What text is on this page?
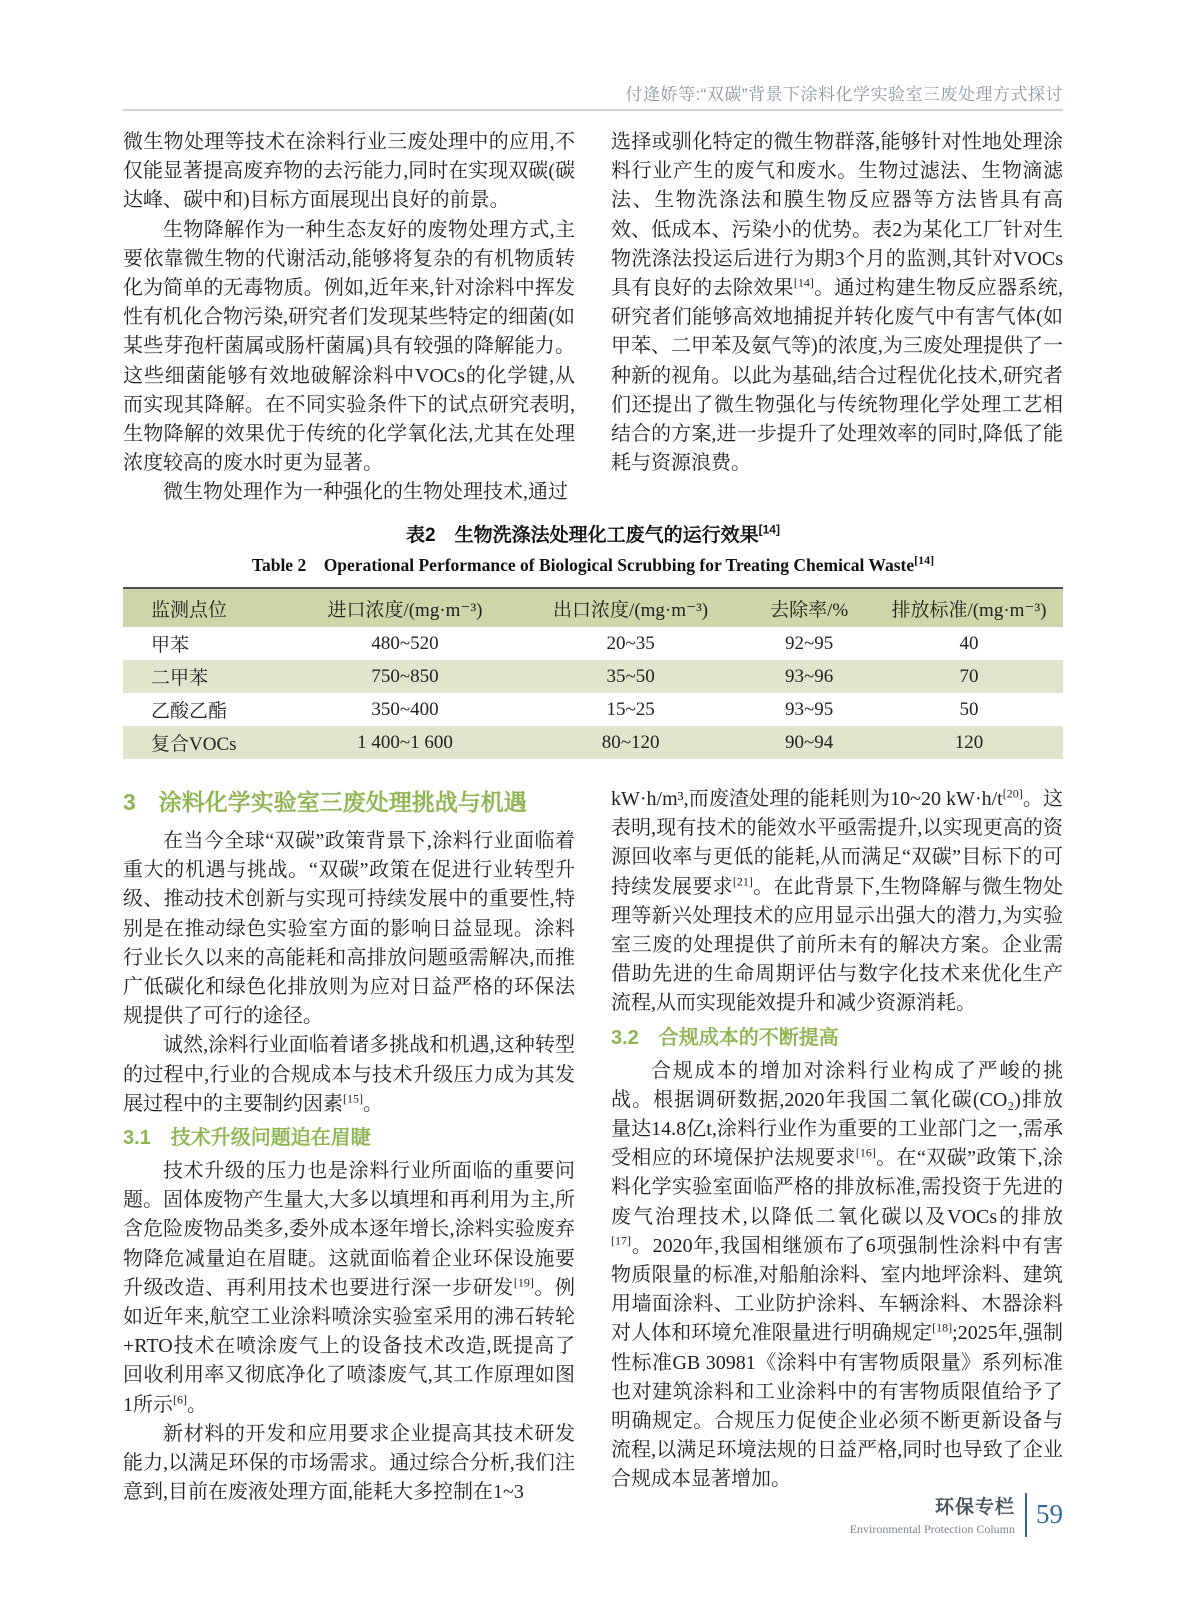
付逄娇等:“双碳”背景下涂料化学实验室三废处理方式探讨

微生物处理等技术在涂料行业三废处理中的应用,不仅能显著提高废弃物的去污能力,同时在实现双碳(碳达峰、碳中和)目标方面展现出良好的前景。

生物降解作为一种生态友好的废物处理方式,主要依靠微生物的代谢活动,能够将复杂的有机物质转化为简单的无毒物质。例如,近年来,针对涂料中挥发性有机化合物污染,研究者们发现某些特定的细菌(如某些芽孢杆菌属或肠杆菌属)具有较强的降解能力。这些细菌能够有效地破解涂料中VOCs的化学键,从而实现其降解。在不同实验条件下的试点研究表明,生物降解的效果优于传统的化学氧化法,尤其在处理浓度较高的废水时更为显著。

微生物处理作为一种强化的生物处理技术,通过

选择或驯化特定的微生物群落,能够针对性地处理涂料行业产生的废气和废水。生物过滤法、生物滴滤法、生物洗涤法和膜生物反应器等方法皆具有高效、低成本、污染小的优势。表2为某化工厂针对生物洗涤法投运后进行为期3个月的监测,其针对VOCs具有良好的去除效果[14]。通过构建生物反应器系统,研究者们能够高效地捕捉并转化废气中有害气体(如甲苯、二甲苯及氨气等)的浓度,为三废处理提供了一种新的视角。以此为基础,结合过程优化技术,研究者们还提出了微生物强化与传统物理化学处理工艺相结合的方案,进一步提升了处理效率的同时,降低了能耗与资源浪费。

表2　生物洗涤法处理化工废气的运行效果[14]
Table 2　Operational Performance of Biological Scrubbing for Treating Chemical Waste[14]
监测点位	进口浓度/(mg·m⁻³)	出口浓度/(mg·m⁻³)	去除率/%	排放标准/(mg·m⁻³)
甲苯	480~520	20~35	92~95	40
二甲苯	750~850	35~50	93~96	70
乙酸乙酯	350~400	15~25	93~95	50
复合VOCs	1 400~1 600	80~120	90~94	120
3　涂料化学实验室三废处理挑战与机遇

在当今全球“双碳”政策背景下,涂料行业面临着重大的机遇与挑战。“双碳”政策在促进行业转型升级、推动技术创新与实现可持续发展中的重要性,特别是在推动绿色实验室方面的影响日益显现。涂料行业长久以来的高能耗和高排放问题亟需解决,而推广低碳化和绿色化排放则为应对日益严格的环保法规提供了可行的途径。

诚然,涂料行业面临着诸多挑战和机遇,这种转型的过程中,行业的合规成本与技术升级压力成为其发展过程中的主要制约因素[15]。

3.1　技术升级问题迫在眉睫

技术升级的压力也是涂料行业所面临的重要问题。固体废物产生量大,大多以填埋和再利用为主,所含危险废物品类多,委外成本逐年增长,涂料实验废弃物降危减量迫在眉睫。这就面临着企业环保设施要升级改造、再利用技术也要进行深一步研发[19]。例如近年来,航空工业涂料喷涂实验室采用的沸石转轮+RTO技术在喷涂废气上的设备技术改造,既提高了回收利用率又彻底净化了喷漆废气,其工作原理如图1所示[6]。

新材料的开发和应用要求企业提高其技术研发能力,以满足环保的市场需求。通过综合分析,我们注意到,目前在废液处理方面,能耗大多控制在1~3

kW·h/m³,而废渣处理的能耗则为10~20 kW·h/t[20]。这表明,现有技术的能效水平亟需提升,以实现更高的资源回收率与更低的能耗,从而满足“双碳”目标下的可持续发展要求[21]。在此背景下,生物降解与微生物处理等新兴处理技术的应用显示出强大的潜力,为实验室三废的处理提供了前所未有的解决方案。企业需借助先进的生命周期评估与数字化技术来优化生产流程,从而实现能效提升和减少资源消耗。

3.2　合规成本的不断提高

合规成本的增加对涂料行业构成了严峻的挑战。根据调研数据,2020年我国二氧化碳(CO₂)排放量达14.8亿t,涂料行业作为重要的工业部门之一,需承受相应的环境保护法规要求[16]。在“双碳”政策下,涂料化学实验室面临严格的排放标准,需投资于先进的废气治理技术,以降低二氧化碳以及VOCs的排放[17]。2020年,我国相继颁布了6项强制性涂料中有害物质限量的标准,对船舶涂料、室内地坪涂料、建筑用墙面涂料、工业防护涂料、车辆涂料、木器涂料对人体和环境允准限量进行明确规定[18];2025年,强制性标准GB 30981《涂料中有害物质限量》系列标准也对建筑涂料和工业涂料中的有害物质限值给予了明确规定。合规压力促使企业必须不断更新设备与流程,以满足环境法规的日益严格,同时也导致了企业合规成本显著增加。

环保专栏
Environmental Protection Column 59
